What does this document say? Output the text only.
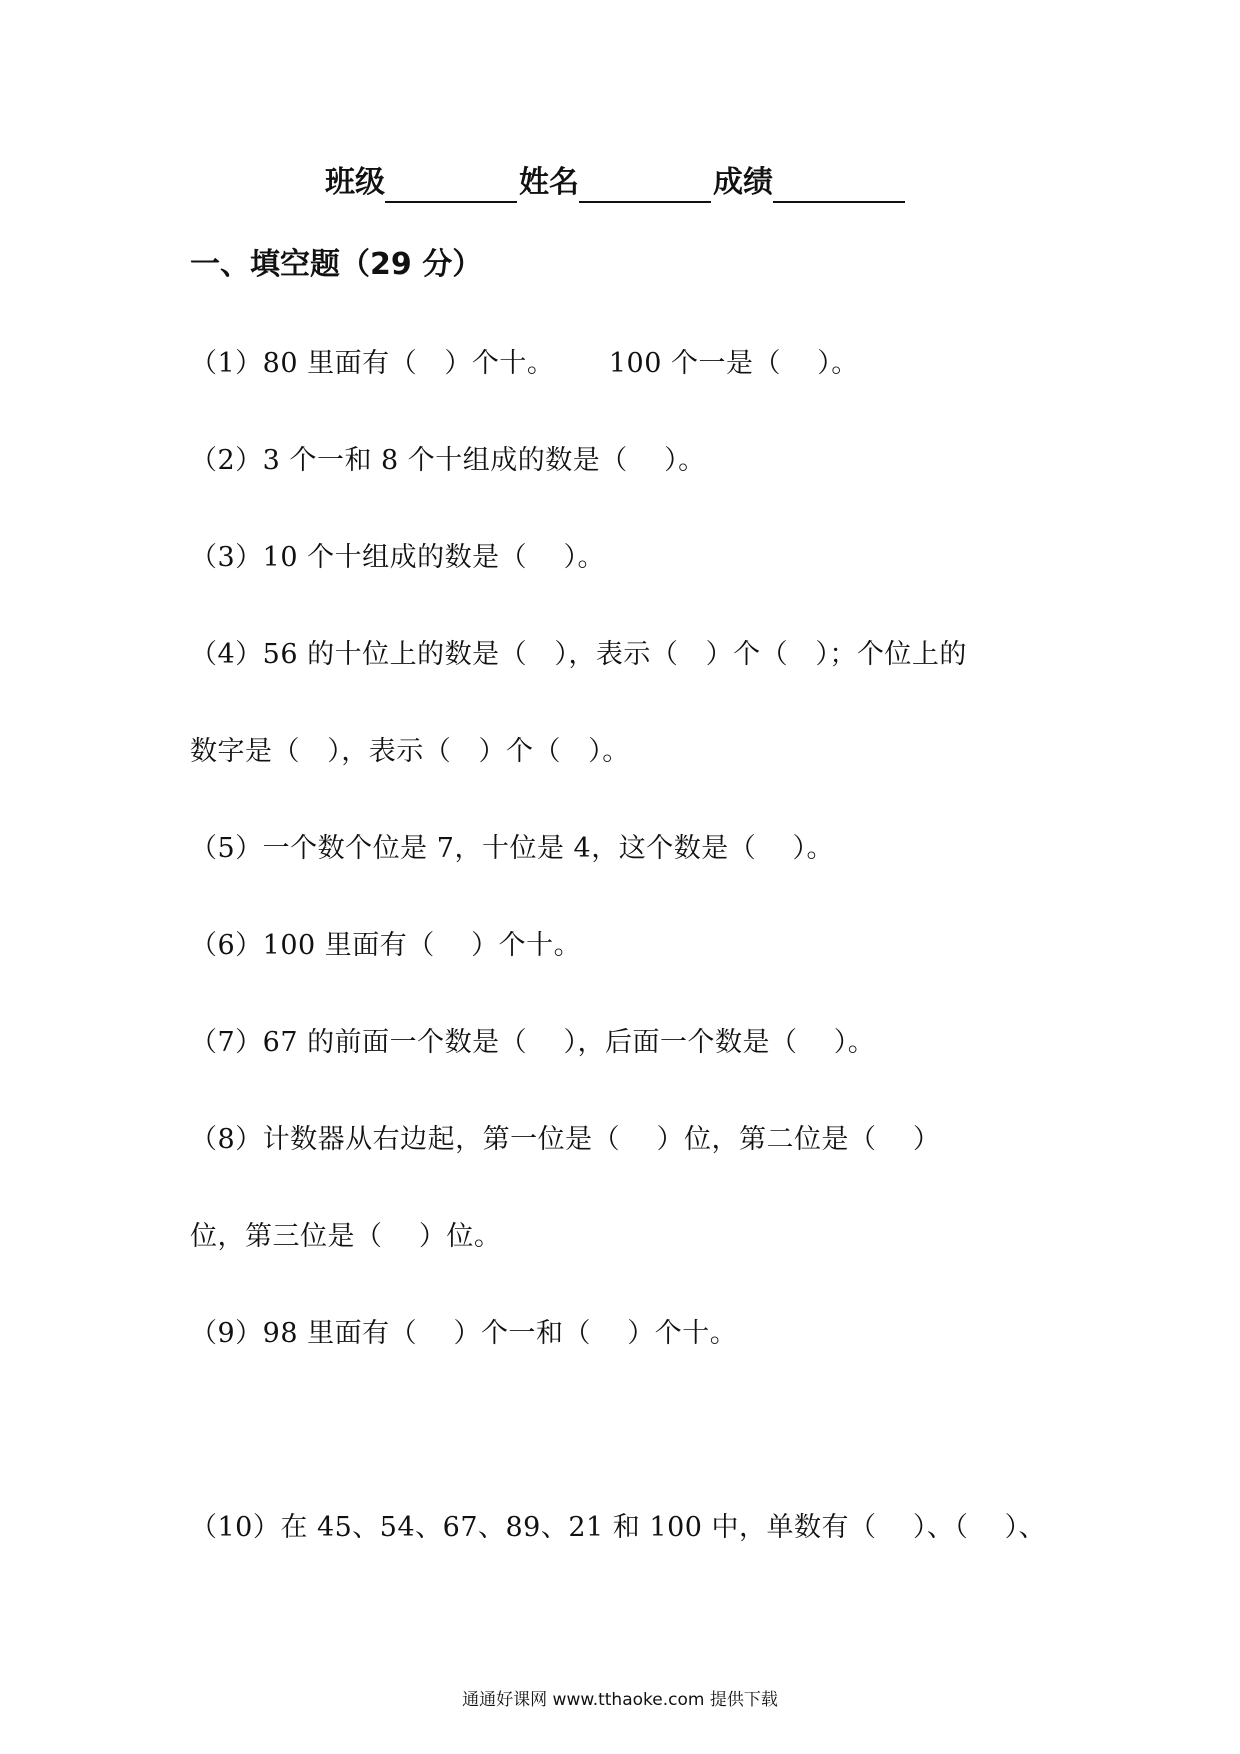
班级	姓名	成绩
一、填空题（29 分）
（1）80 里面有（   ）个十。      100 个一是（    ）。
（2）3 个一和 8 个十组成的数是（    ）。
（3）10 个十组成的数是（    ）。
（4）56 的十位上的数是（   ），表示（   ）个（   ）；个位上的
数字是（   ），表示（   ）个（   ）。
（5）一个数个位是 7，十位是 4，这个数是（    ）。
（6）100 里面有（    ）个十。
（7）67 的前面一个数是（    ），后面一个数是（    ）。
（8）计数器从右边起，第一位是（    ）位，第二位是（    ）
位，第三位是（    ）位。
（9）98 里面有（    ）个一和（    ）个十。
（10）在 45、54、67、89、21 和 100 中，单数有（    ）、（    ）、
通通好课网 www.tthaoke.com 提供下载
